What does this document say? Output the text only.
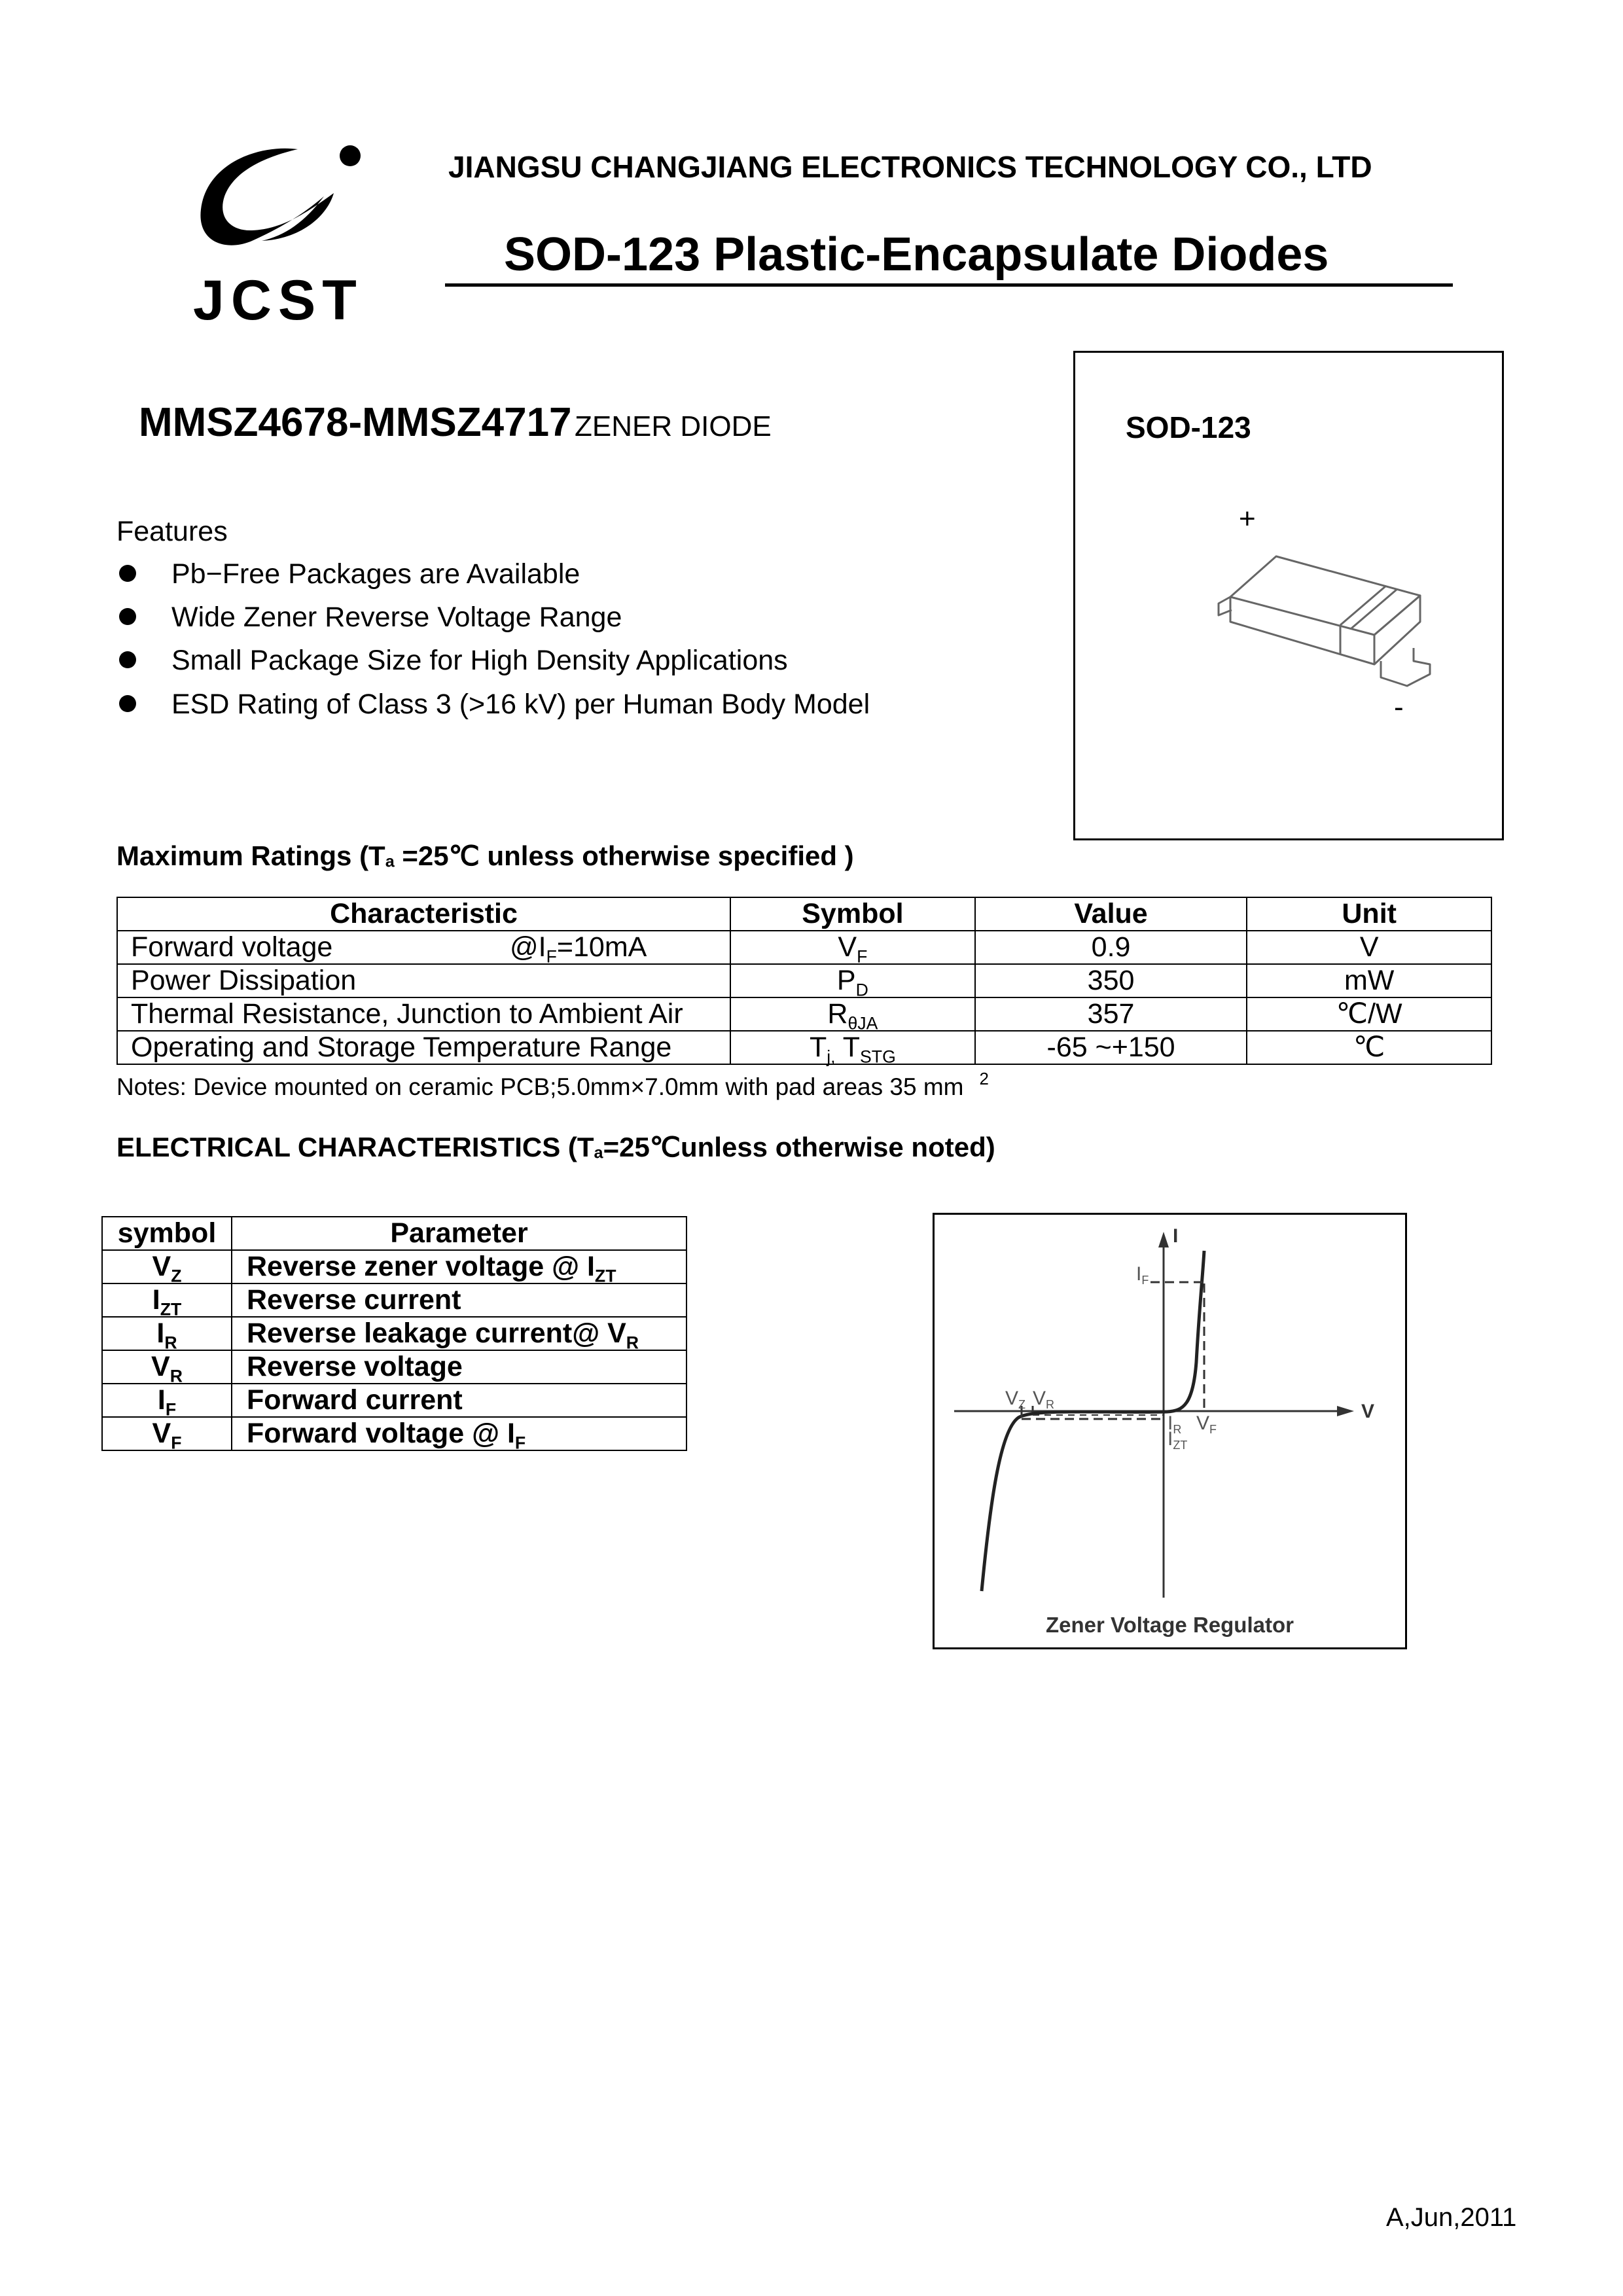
JCST
JIANGSU CHANGJIANG ELECTRONICS TECHNOLOGY CO., LTD
SOD-123 Plastic-Encapsulate Diodes
MMSZ4678-MMSZ4717 ZENER DIODE
Features
Pb−Free Packages are Available
Wide Zener Reverse Voltage Range
Small Package Size for High Density Applications
ESD Rating of Class 3 (>16 kV) per Human Body Model
SOD-123
+
-
Maximum Ratings ($T_a$ =25℃ unless otherwise specified )
Characteristic	Symbol	Value	Unit
Forward voltage $@I_F=10mA$	$V_F$	0.9	V
Power Dissipation	$P_D$	350	mW
Thermal Resistance, Junction to Ambient Air	$R_{\theta JA}$	357	℃/W
Operating and Storage Temperature Range	$T_{j,}$ $T_{STG}$	-65 ~+150	℃
Notes: Device mounted on ceramic PCB;5.0mm×7.0mm with pad areas 35 mm $^2$
ELECTRICAL CHARACTERISTICS ($T_a=25℃unless$ otherwise noted)
symbol	Parameter
$V_Z$	Reverse zener voltage @ $I_{ZT}$
$I_{ZT}$	Reverse current
$I_R$	Reverse leakage current@ $V_R$
$V_R$	Reverse voltage
$I_F$	Forward current
$V_F$	Forward voltage @ $I_F$
I
V
$I_F$
$V_Z$ $V_R$
$I_R$
$I_{ZT}$
$V_F$
Zener Voltage Regulator
A,Jun,2011
